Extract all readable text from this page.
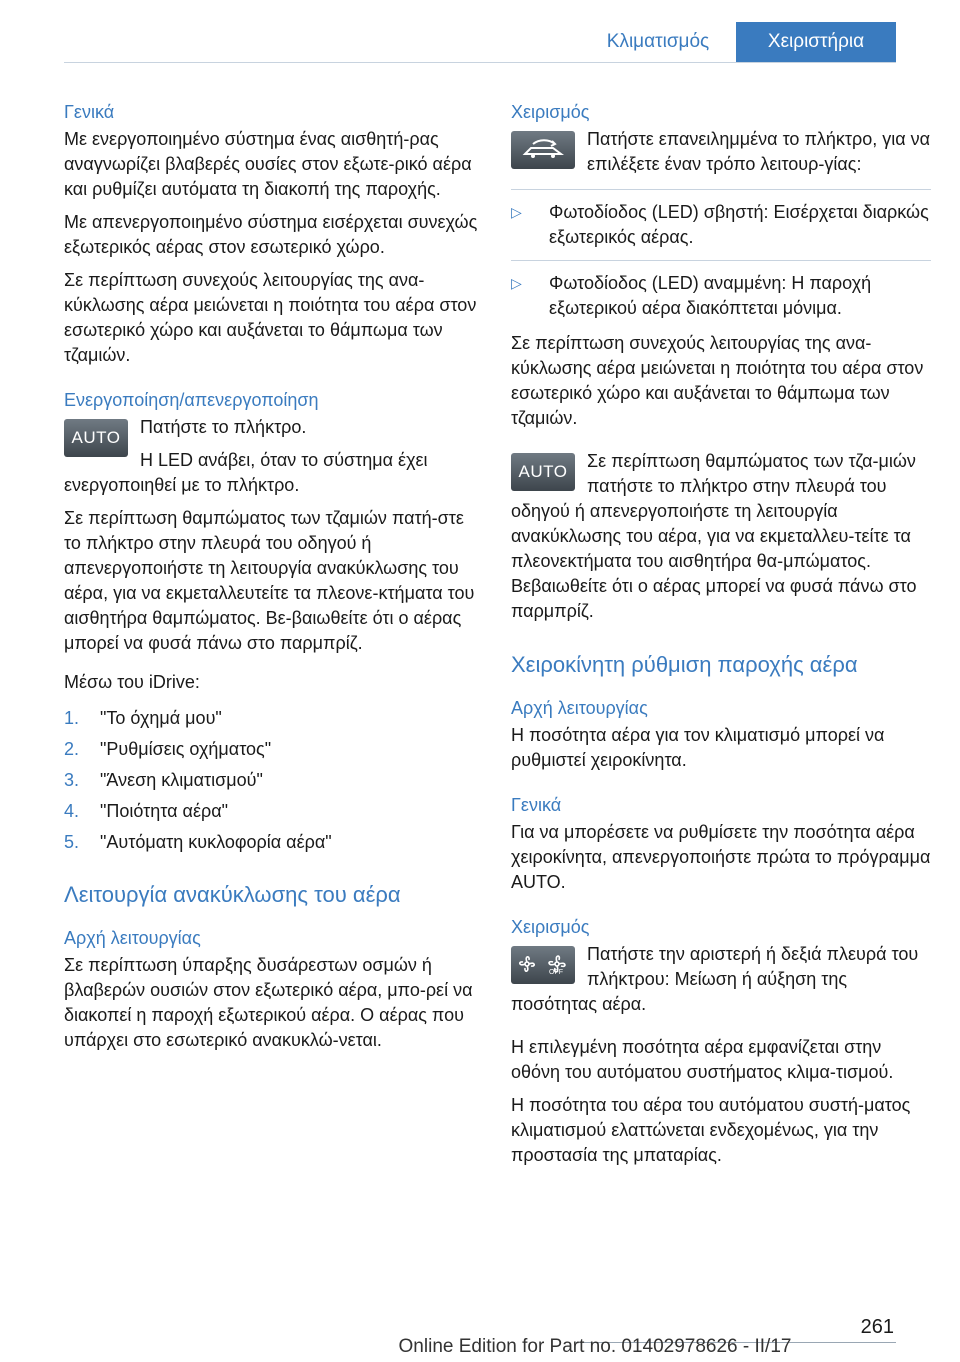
Κλιματισμός	Χειριστήρια
Γενικά

Με ενεργοποιημένο σύστημα ένας αισθητή-ρας αναγνωρίζει βλαβερές ουσίες στον εξωτε-ρικό αέρα και ρυθμίζει αυτόματα τη διακοπή της παροχής.

Με απενεργοποιημένο σύστημα εισέρχεται συνεχώς εξωτερικός αέρας στον εσωτερικό χώρο.

Σε περίπτωση συνεχούς λειτουργίας της ανα-κύκλωσης αέρα μειώνεται η ποιότητα του αέρα στον εσωτερικό χώρο και αυξάνεται το θάμπωμα των τζαμιών.

Ενεργοποίηση/απενεργοποίηση
AUTO

Πατήστε το πλήκτρο.

Η LED ανάβει, όταν το σύστημα έχει ενεργοποιηθεί με το πλήκτρο.

Σε περίπτωση θαμπώματος των τζαμιών πατή-στε το πλήκτρο στην πλευρά του οδηγού ή απενεργοποιήστε τη λειτουργία ανακύκλωσης του αέρα, για να εκμεταλλευτείτε τα πλεονε-κτήματα του αισθητήρα θαμπώματος. Βε-βαιωθείτε ότι ο αέρας μπορεί να φυσά πάνω στο παρμπρίζ.

Μέσω του iDrive:

1. "Το όχημά μου"
2. "Ρυθμίσεις οχήματος"
3. "Άνεση κλιματισμού"
4. "Ποιότητα αέρα"
5. "Αυτόματη κυκλοφορία αέρα"
Λειτουργία ανακύκλωσης του αέρα
Αρχή λειτουργίας

Σε περίπτωση ύπαρξης δυσάρεστων οσμών ή βλαβερών ουσιών στον εξωτερικό αέρα, μπο-ρεί να διακοπεί η παροχή εξωτερικού αέρα. Ο αέρας που υπάρχει στο εσωτερικό ανακυκλώ-νεται.

Χειρισμός

Πατήστε επανειλημμένα το πλήκτρο, για να επιλέξετε έναν τρόπο λειτουρ-γίας:

▷ Φωτοδίοδος (LED) σβηστή: Εισέρχεται διαρκώς εξωτερικός αέρας.
▷ Φωτοδίοδος (LED) αναμμένη: Η παροχή εξωτερικού αέρα διακόπτεται μόνιμα.

Σε περίπτωση συνεχούς λειτουργίας της ανα-κύκλωσης αέρα μειώνεται η ποιότητα του αέρα στον εσωτερικό χώρο και αυξάνεται το θάμπωμα των τζαμιών.

AUTO

Σε περίπτωση θαμπώματος των τζα-μιών πατήστε το πλήκτρο στην πλευρά του οδηγού ή απενεργοποιήστε τη λειτουργία ανακύκλωσης του αέρα, για να εκμεταλλευ-τείτε τα πλεονεκτήματα του αισθητήρα θα-μπώματος. Βεβαιωθείτε ότι ο αέρας μπορεί να φυσά πάνω στο παρμπρίζ.

Χειροκίνητη ρύθμιση παροχής αέρα
Αρχή λειτουργίας

Η ποσότητα αέρα για τον κλιματισμό μπορεί να ρυθμιστεί χειροκίνητα.

Γενικά

Για να μπορέσετε να ρυθμίσετε την ποσότητα αέρα χειροκίνητα, απενεργοποιήστε πρώτα το πρόγραμμα AUTO.

Χειρισμός
OFF

Πατήστε την αριστερή ή δεξιά πλευρά του πλήκτρου: Μείωση ή αύξηση της ποσότητας αέρα.

Η επιλεγμένη ποσότητα αέρα εμφανίζεται στην οθόνη του αυτόματου συστήματος κλιμα-τισμού.

Η ποσότητα του αέρα του αυτόματου συστή-ματος κλιματισμού ελαττώνεται ενδεχομένως, για την προστασία της μπαταρίας.

261
Online Edition for Part no. 01402978626 - II/17
